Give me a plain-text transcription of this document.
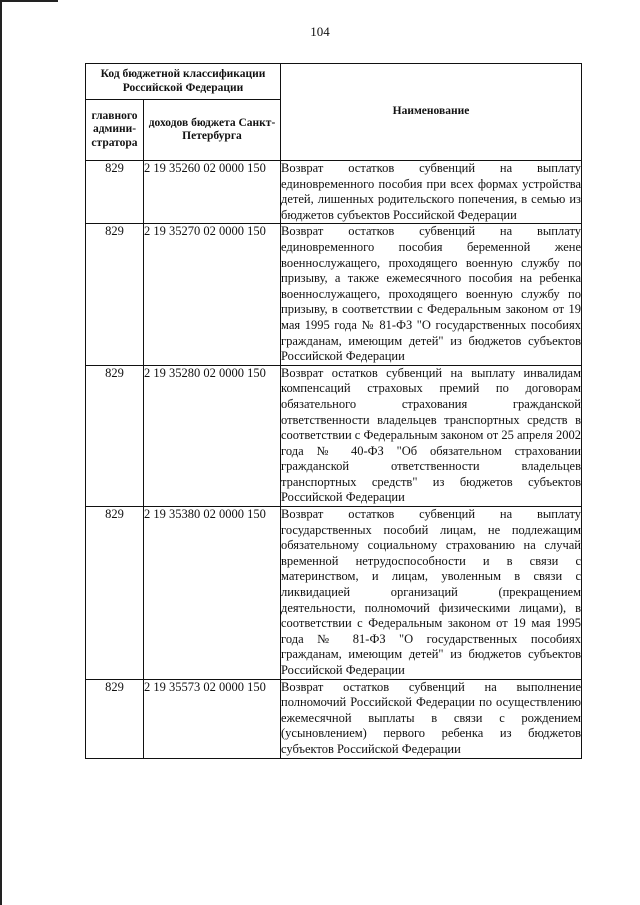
104
Код бюджетной классификации Российской Федерации		Наименование
главного админи-стратора	доходов бюджета Санкт-Петербурга	
829	2 19 35260 02 0000 150	Возврат остатков субвенций на выплату единовременного пособия при всех формах устройства детей, лишенных родительского попечения, в семью из бюджетов субъектов Российской Федерации

829	2 19 35270 02 0000 150	Возврат остатков субвенций на выплату единовременного пособия беременной жене военнослужащего, проходящего военную службу по призыву, а также ежемесячного пособия на ребенка военнослужащего, проходящего военную службу по призыву, в соответствии с Федеральным законом от 19 мая 1995 года № 81-ФЗ "О государственных пособиях гражданам, имеющим детей" из бюджетов субъектов Российской Федерации

829	2 19 35280 02 0000 150	Возврат остатков субвенций на выплату инвалидам компенсаций страховых премий по договорам обязательного страхования гражданской ответственности владельцев транспортных средств в соответствии с Федеральным законом от 25 апреля 2002 года № 40-ФЗ "Об обязательном страховании гражданской ответственности владельцев транспортных средств" из бюджетов субъектов Российской Федерации

829	2 19 35380 02 0000 150	Возврат остатков субвенций на выплату государственных пособий лицам, не подлежащим обязательному социальному страхованию на случай временной нетрудоспособности и в связи с материнством, и лицам, уволенным в связи с ликвидацией организаций (прекращением деятельности, полномочий физическими лицами), в соответствии с Федеральным законом от 19 мая 1995 года № 81-ФЗ "О государственных пособиях гражданам, имеющим детей" из бюджетов субъектов Российской Федерации

829	2 19 35573 02 0000 150	Возврат остатков субвенций на выполнение полномочий Российской Федерации по осуществлению ежемесячной выплаты в связи с рождением (усыновлением) первого ребенка из бюджетов субъектов Российской Федерации
